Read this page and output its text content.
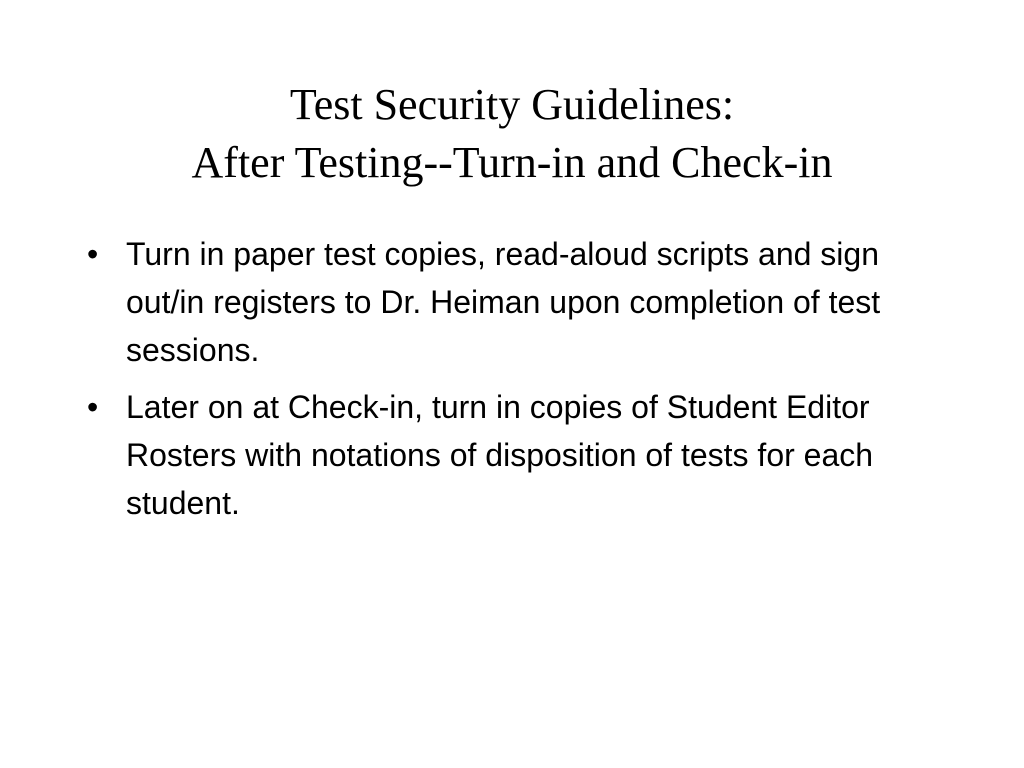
Test Security Guidelines:
After Testing--Turn-in and Check-in
• Turn in paper test copies, read-aloud scripts and sign out/in registers to Dr. Heiman upon completion of test sessions.
• Later on at Check-in, turn in copies of Student Editor Rosters with notations of disposition of tests for each student.
